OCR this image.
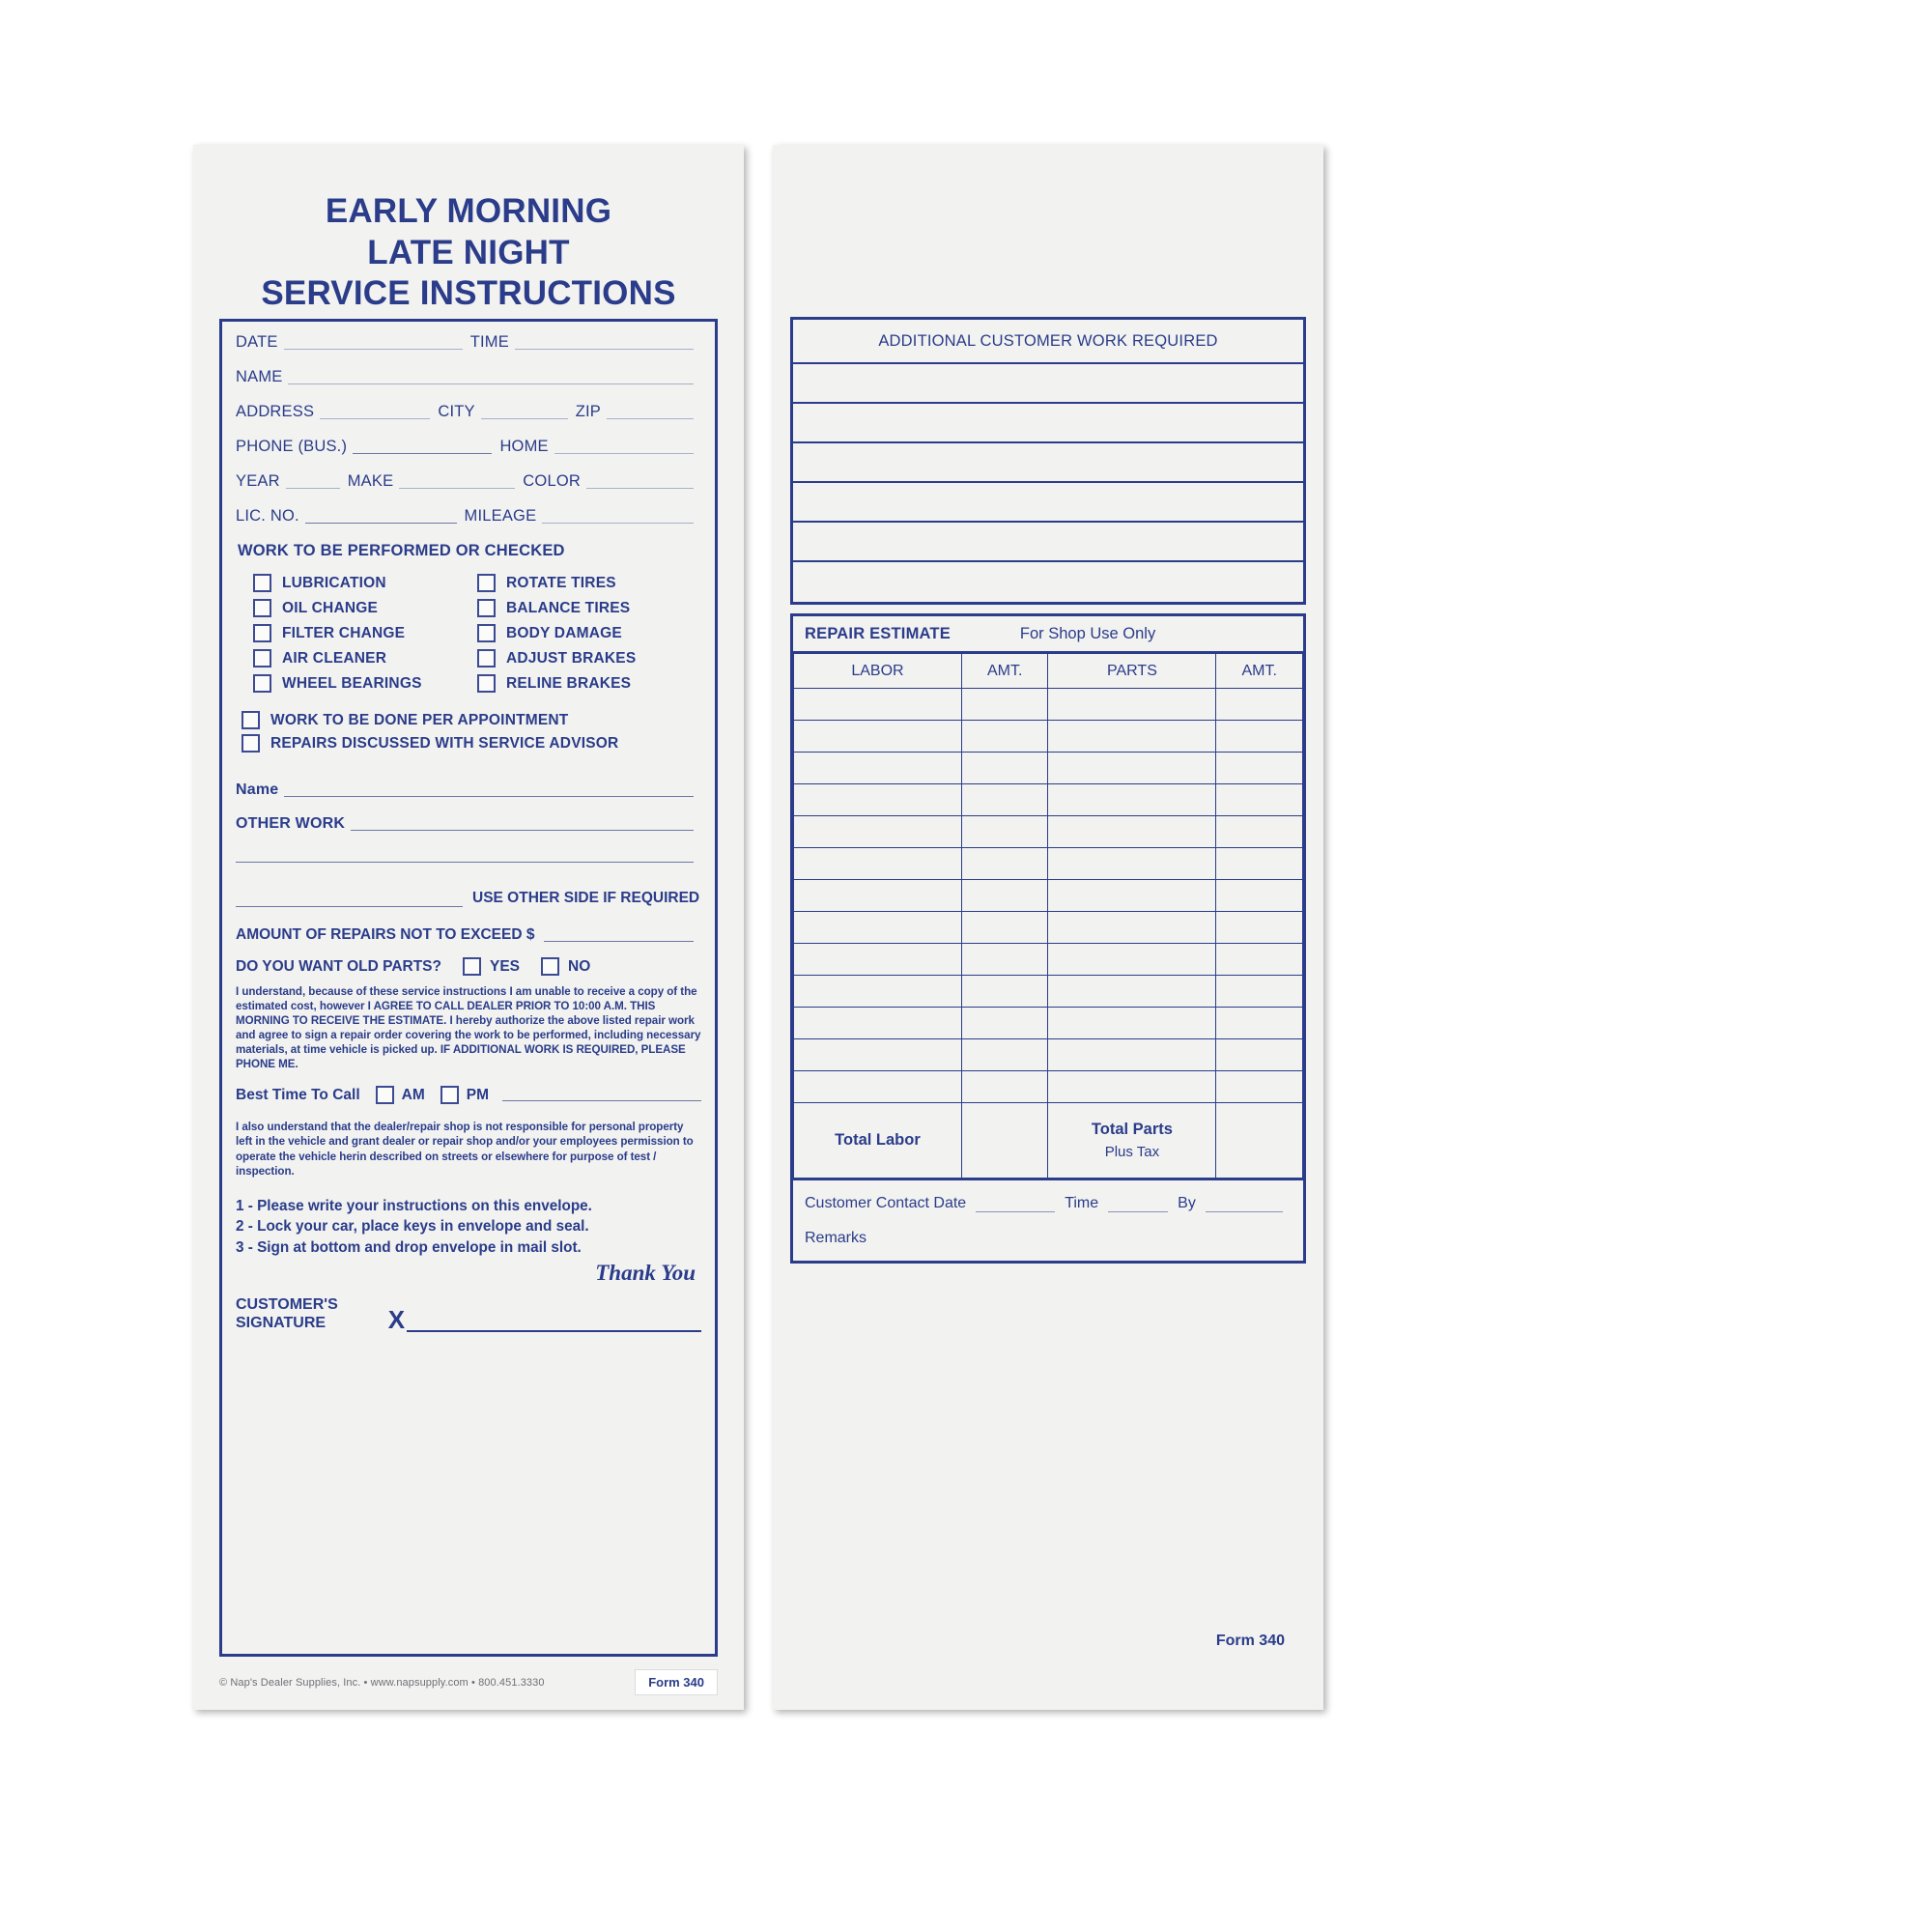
EARLY MORNING
LATE NIGHT
SERVICE INSTRUCTIONS
DATE	TIME
NAME
ADDRESS	CITY	ZIP
PHONE (BUS.)	HOME
YEAR	MAKE	COLOR
LIC. NO.	MILEAGE
WORK TO BE PERFORMED OR CHECKED
LUBRICATION
OIL CHANGE
FILTER CHANGE
AIR CLEANER
WHEEL BEARINGS
ROTATE TIRES
BALANCE TIRES
BODY DAMAGE
ADJUST BRAKES
RELINE BRAKES
WORK TO BE DONE PER APPOINTMENT
REPAIRS DISCUSSED WITH SERVICE ADVISOR
Name
OTHER WORK
USE OTHER SIDE IF REQUIRED
AMOUNT OF REPAIRS NOT TO EXCEED $
DO YOU WANT OLD PARTS?	YES	NO
I understand, because of these service instructions I am unable to receive a copy of the estimated cost, however I AGREE TO CALL DEALER PRIOR TO 10:00 A.M. THIS MORNING TO RECEIVE THE ESTIMATE. I hereby authorize the above listed repair work and agree to sign a repair order covering the work to be performed, including necessary materials, at time vehicle is picked up. IF ADDITIONAL WORK IS REQUIRED, PLEASE PHONE ME.
Best Time To Call	AM	PM
I also understand that the dealer/repair shop is not responsible for personal property left in the vehicle and grant dealer or repair shop and/or your employees permission to operate the vehicle herin described on streets or elsewhere for purpose of test / inspection.
1 - Please write your instructions on this envelope.
2 - Lock your car, place keys in envelope and seal.
3 - Sign at bottom and drop envelope in mail slot.
Thank You
CUSTOMER'S
SIGNATURE	X
© Nap's Dealer Supplies, Inc. • www.napsupply.com • 800.451.3330	Form 340
ADDITIONAL CUSTOMER WORK REQUIRED
REPAIR ESTIMATE	For Shop Use Only
LABOR	AMT.	PARTS	AMT.

Total Labor		Total Parts
Plus Tax	

Customer Contact Date	Time	By
Remarks
Form 340
